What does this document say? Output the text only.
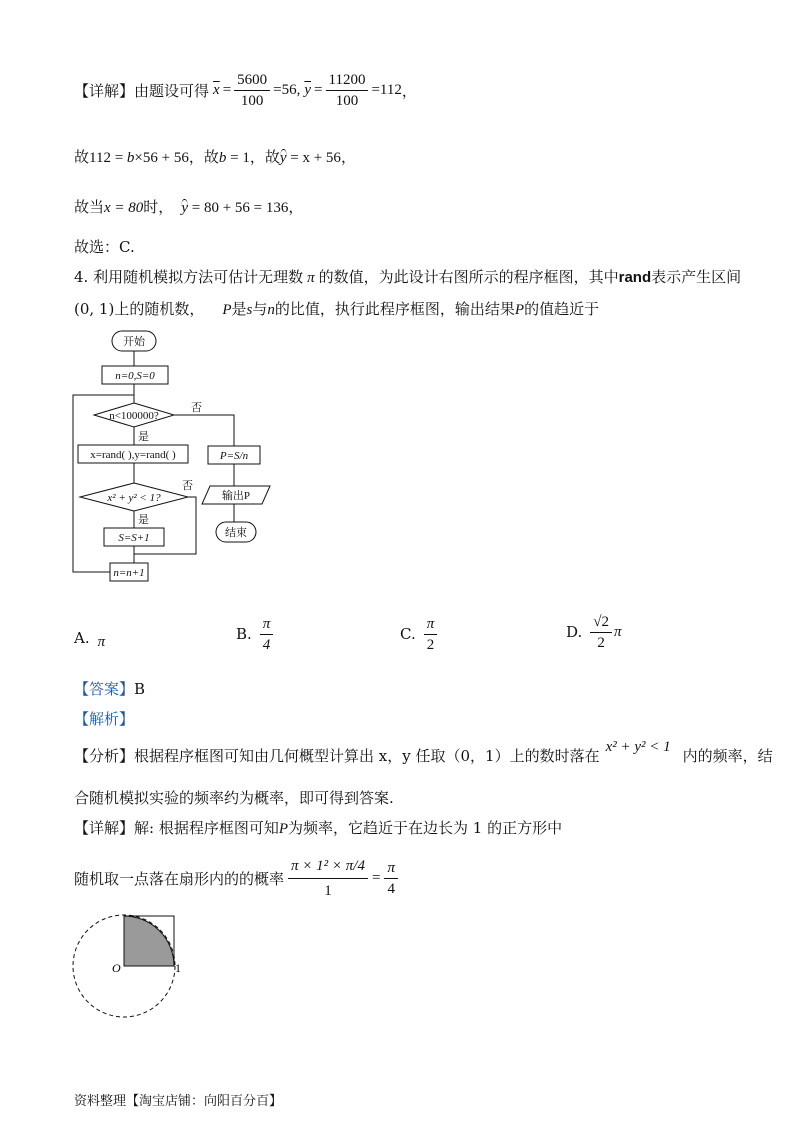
【详解】由题设可得 $\overline{x} = \frac{5600}{100} =56$, $\overline{y} = \frac{11200}{100} =112$ ，
故112 = b×56 + 56，故b = 1，故y = x + 56，
故当x = 80时， y = 80 + 56 = 136，
故选：C.
4. 利用随机模拟方法可估计无理数 π 的数值，为此设计右图所示的程序框图，其中rand表示产生区间
(0, 1)上的随机数， P是s与n的比值，执行此程序框图，输出结果P的值趋近于
开始
n=0,S=0
n<100000?
否
是
x=rand( ),y=rand( )
x² + y² < 1?
否
是
S=S+1
n=n+1
P=S/n
输出P
结束
A. π	B. $\frac{\pi}{4}$	C. $\frac{\pi}{2}$	D. $\frac{√2}{2}$ π
【答案】B
【解析】
【分析】 根据程序框图可知由几何概型计算出 x，y 任取（0，1）上的数时落在 x² + y² < 1 内的频率，结
合随机模拟实验的频率约为概率，即可得到答案.
【详解】解: 根据程序框图可知P为频率，它趋近于在边长为 1 的正方形中
随机取一点落在扇形内的的概率 $\frac{\text{π × 1² × π/4}}{1} = \frac{\pi}{4}$
O	1
资料整理【淘宝店铺：向阳百分百】
